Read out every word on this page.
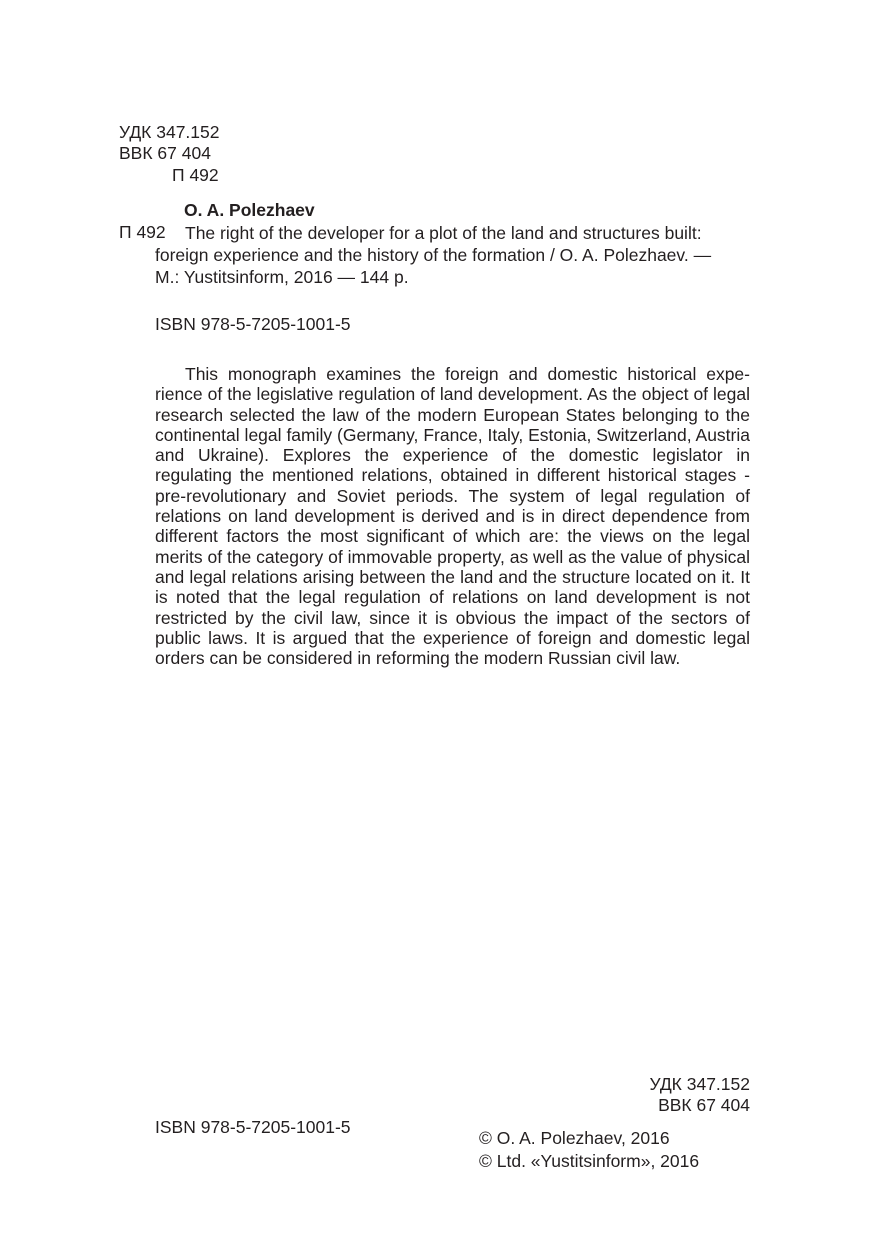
УДК 347.152
ВВК 67 404
П 492
O. A. Polezhaev
П 492 The right of the developer for a plot of the land and structures built:
foreign experience and the history of the formation / O. A. Polezhaev. —
M.: Yustitsinform, 2016 — 144 p.
ISBN 978-5-7205-1001-5
This monograph examines the foreign and domestic historical experience of the legislative regulation of land development. As the object of legal research selected the law of the modern European States belonging to the continental legal family (Germany, France, Italy, Estonia, Switzerland, Austria and Ukraine). Explores the experience of the domestic legislator in regulating the mentioned relations, obtained in different historical stages - pre-revolutionary and Soviet periods. The system of legal regulation of relations on land development is derived and is in direct dependence from different factors the most significant of which are: the views on the legal merits of the category of immovable property, as well as the value of physical and legal relations arising between the land and the structure located on it. It is noted that the legal regulation of relations on land development is not restricted by the civil law, since it is obvious the impact of the sectors of public laws. It is argued that the experience of foreign and domestic legal orders can be considered in reforming the modern Russian civil law.
УДК 347.152
ВВК 67 404
ISBN 978-5-7205-1001-5
© O. A. Polezhaev, 2016
© Ltd. «Yustitsinform», 2016
